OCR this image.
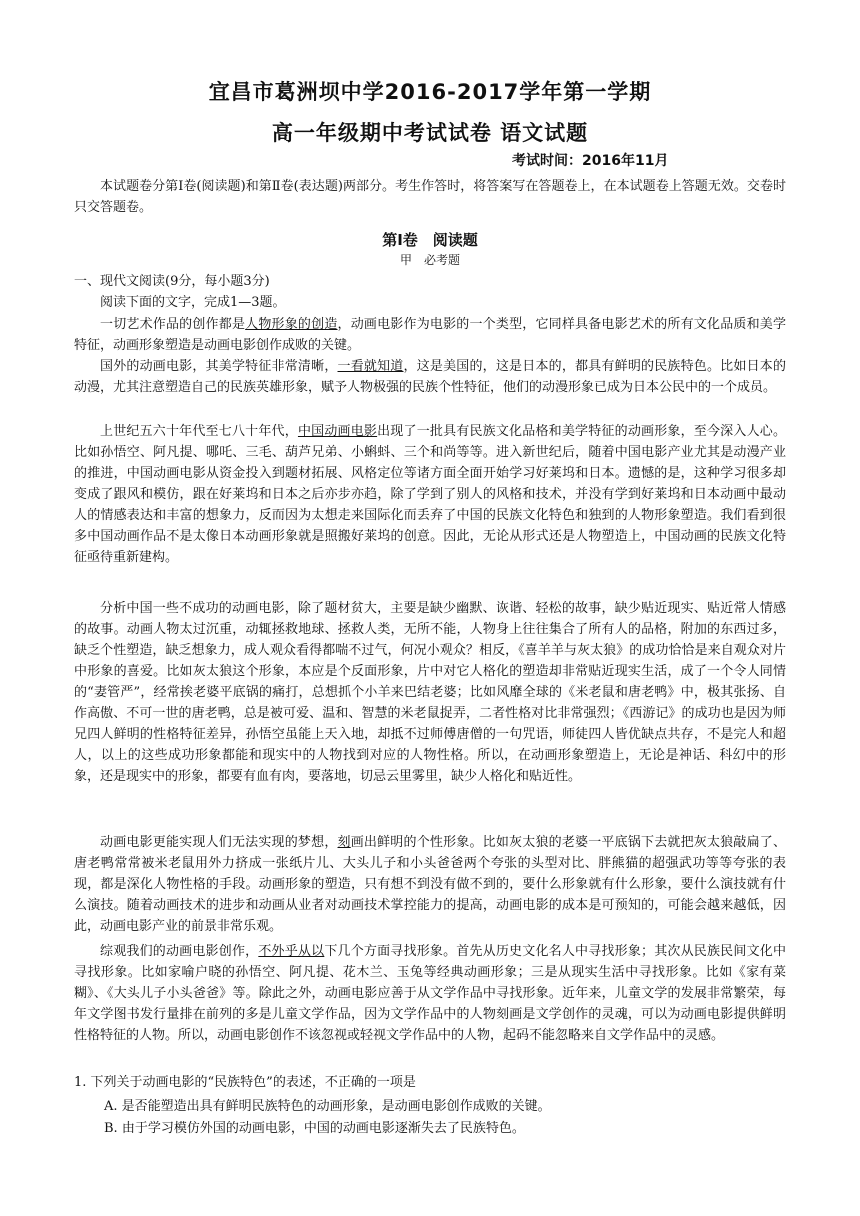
宜昌市葛洲坝中学2016-2017学年第一学期
高一年级期中考试试卷 语文试题
考试时间：2016年11月

本试题卷分第Ⅰ卷(阅读题)和第Ⅱ卷(表达题)两部分。考生作答时，将答案写在答题卷上，在本试题卷上答题无效。交卷时只交答题卷。

第Ⅰ卷　阅读题

甲　必考题

一、现代文阅读(9分，每小题3分)

阅读下面的文字，完成1—3题。

一切艺术作品的创作都是人物形象的创造，动画电影作为电影的一个类型，它同样具备电影艺术的所有文化品质和美学特征，动画形象塑造是动画电影创作成败的关键。

国外的动画电影，其美学特征非常清晰，一看就知道，这是美国的，这是日本的，都具有鲜明的民族特色。比如日本的动漫，尤其注意塑造自己的民族英雄形象，赋予人物极强的民族个性特征，他们的动漫形象已成为日本公民中的一个成员。

上世纪五六十年代至七八十年代，中国动画电影出现了一批具有民族文化品格和美学特征的动画形象，至今深入人心。比如孙悟空、阿凡提、哪吒、三毛、葫芦兄弟、小蝌蚪、三个和尚等等。进入新世纪后，随着中国电影产业尤其是动漫产业的推进，中国动画电影从资金投入到题材拓展、风格定位等诸方面全面开始学习好莱坞和日本。遗憾的是，这种学习很多却变成了跟风和模仿，跟在好莱坞和日本之后亦步亦趋，除了学到了别人的风格和技术，并没有学到好莱坞和日本动画中最动人的情感表达和丰富的想象力，反而因为太想走来国际化而丢弃了中国的民族文化特色和独到的人物形象塑造。我们看到很多中国动画作品不是太像日本动画形象就是照搬好莱坞的创意。因此，无论从形式还是人物塑造上，中国动画的民族文化特征亟待重新建构。

分析中国一些不成功的动画电影，除了题材贫大，主要是缺少幽默、诙谐、轻松的故事，缺少贴近现实、贴近常人情感的故事。动画人物太过沉重，动辄拯救地球、拯救人类，无所不能，人物身上往往集合了所有人的品格，附加的东西过多，缺乏个性塑造，缺乏想象力，成人观众看得都喘不过气，何况小观众？相反，《喜羊羊与灰太狼》的成功恰恰是来自观众对片中形象的喜爱。比如灰太狼这个形象，本应是个反面形象，片中对它人格化的塑造却非常贴近现实生活，成了一个令人同情的“妻管严”，经常挨老婆平底锅的痛打，总想抓个小羊来巴结老婆；比如风靡全球的《米老鼠和唐老鸭》中，极其张扬、自作高傲、不可一世的唐老鸭，总是被可爱、温和、智慧的米老鼠捉弄，二者性格对比非常强烈；《西游记》的成功也是因为师兄四人鲜明的性格特征差异，孙悟空虽能上天入地，却抵不过师傅唐僧的一句咒语，师徒四人皆优缺点共存，不是完人和超人，以上的这些成功形象都能和现实中的人物找到对应的人物性格。所以，在动画形象塑造上，无论是神话、科幻中的形象，还是现实中的形象，都要有血有肉，要落地，切忌云里雾里，缺少人格化和贴近性。

动画电影更能实现人们无法实现的梦想，刻画出鲜明的个性形象。比如灰太狼的老婆一平底锅下去就把灰太狼敲扁了、唐老鸭常常被米老鼠用外力挤成一张纸片儿、大头儿子和小头爸爸两个夸张的头型对比、胖熊猫的超强武功等等夸张的表现，都是深化人物性格的手段。动画形象的塑造，只有想不到没有做不到的，要什么形象就有什么形象，要什么演技就有什么演技。随着动画技术的进步和动画从业者对动画技术掌控能力的提高，动画电影的成本是可预知的，可能会越来越低，因此，动画电影产业的前景非常乐观。

综观我们的动画电影创作，不外乎从以下几个方面寻找形象。首先从历史文化名人中寻找形象；其次从民族民间文化中寻找形象。比如家喻户晓的孙悟空、阿凡提、花木兰、玉兔等经典动画形象；三是从现实生活中寻找形象。比如《家有菜糊》、《大头儿子小头爸爸》等。除此之外，动画电影应善于从文学作品中寻找形象。近年来，儿童文学的发展非常繁荣，每年文学图书发行量排在前列的多是儿童文学作品，因为文学作品中的人物刻画是文学创作的灵魂，可以为动画电影提供鲜明性格特征的人物。所以，动画电影创作不该忽视或轻视文学作品中的人物，起码不能忽略来自文学作品中的灵感。

1. 下列关于动画电影的“民族特色”的表述，不正确的一项是

A. 是否能塑造出具有鲜明民族特色的动画形象，是动画电影创作成败的关键。

B. 由于学习模仿外国的动画电影，中国的动画电影逐渐失去了民族特色。
